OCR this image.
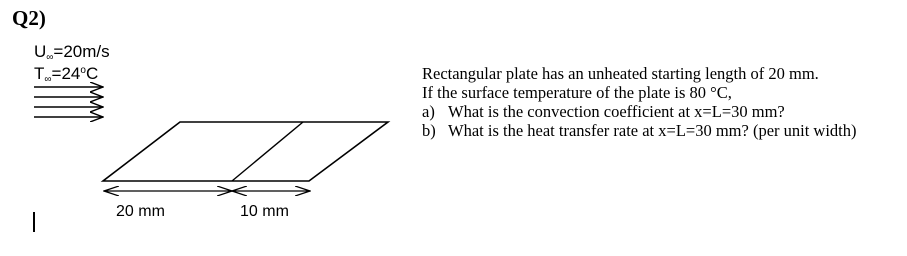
Q2)
$U_\infty=20m/s$
$T_\infty=24^oC$
20 mm	10 mm

Rectangular plate has an unheated starting length of 20 mm.

If the surface temperature of the plate is 80 °C,

a) What is the convection coefficient at x=L=30 mm?
b) What is the heat transfer rate at x=L=30 mm? (per unit width)
